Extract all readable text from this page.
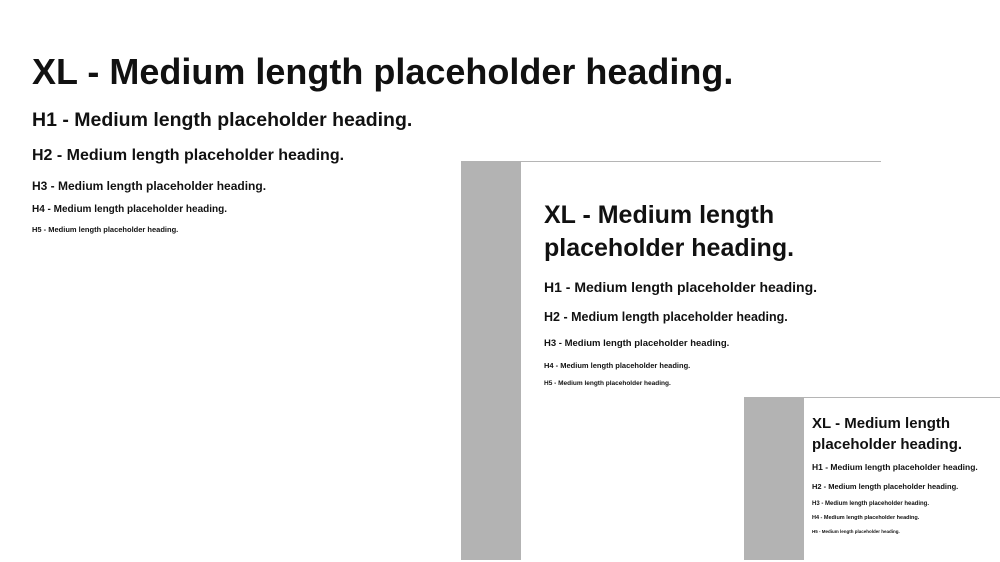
XL - Medium length placeholder heading.
H1 - Medium length placeholder heading.
H2 - Medium length placeholder heading.
H3 - Medium length placeholder heading.
H4 - Medium length placeholder heading.
H5 - Medium length placeholder heading.
XL - Medium length placeholder heading.
H1 - Medium length placeholder heading.
H2 - Medium length placeholder heading.
H3 - Medium length placeholder heading.
H4 - Medium length placeholder heading.
H5 - Medium length placeholder heading.
XL - Medium length placeholder heading.
H1 - Medium length placeholder heading.
H2 - Medium length placeholder heading.
H3 - Medium length placeholder heading.
H4 - Medium length placeholder heading.
H5 - Medium length placeholder heading.
